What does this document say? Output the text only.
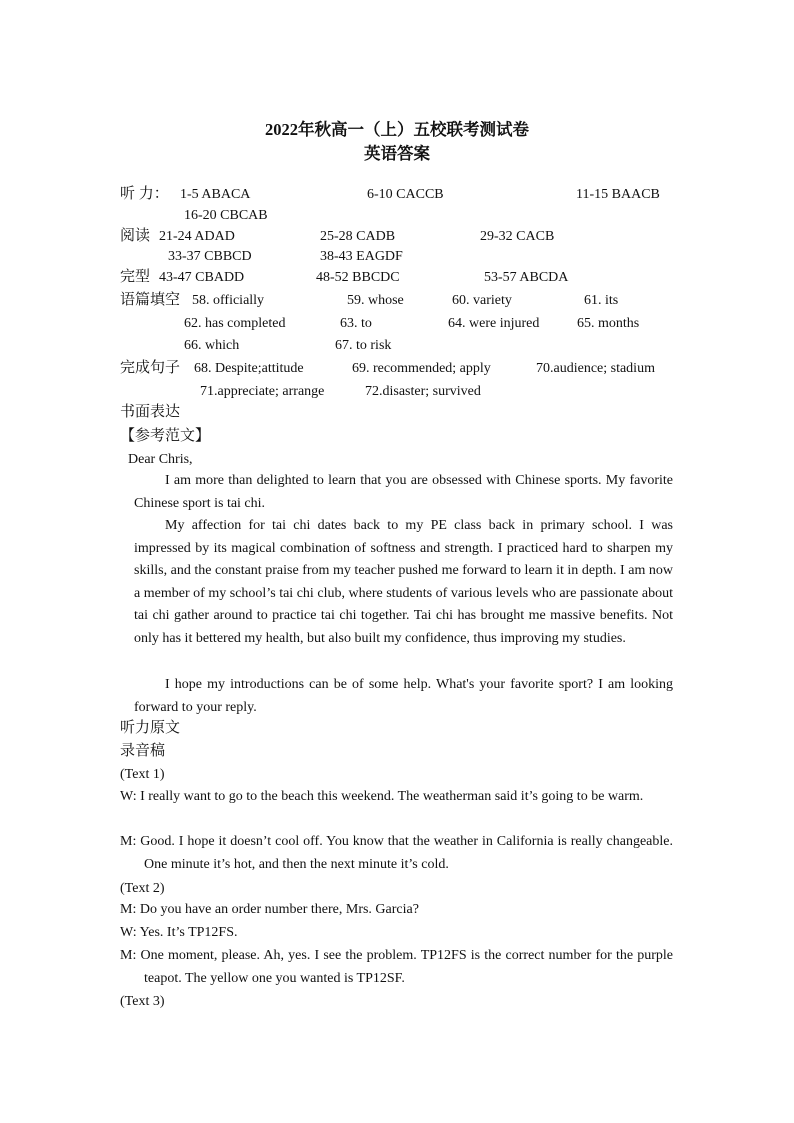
2022年秋高一（上）五校联考测试卷
英语答案
听 力： 1-5 ABACA	6-10 CACCB	11-15 BAACB
16-20 CBCAB
阅读 21-24 ADAD	25-28 CADB	29-32 CACB
33-37 CBBCD	38-43 EAGDF
完型 43-47 CBADD	48-52 BBCDC	53-57 ABCDA
语篇填空 58. officially	59. whose	60. variety	61. its
62. has completed	63. to	64. were injured	65. months
66. which	67. to risk
完成句子 68. Despite;attitude	69. recommended; apply	70.audience; stadium
71.appreciate; arrange	72.disaster; survived
书面表达
【参考范文】
Dear Chris,
I am more than delighted to learn that you are obsessed with Chinese sports. My favorite Chinese sport is tai chi.
My affection for tai chi dates back to my PE class back in primary school. I was impressed by its magical combination of softness and strength. I practiced hard to sharpen my skills, and the constant praise from my teacher pushed me forward to learn it in depth. I am now a member of my school’s tai chi club, where students of various levels who are passionate about tai chi gather around to practice tai chi together. Tai chi has brought me massive benefits. Not only has it bettered my health, but also built my confidence, thus improving my studies.
I hope my introductions can be of some help. What's your favorite sport? I am looking forward to your reply.
听力原文
录音稿
(Text 1)
W: I really want to go to the beach this weekend. The weatherman said it’s going to be warm.
M: Good. I hope it doesn’t cool off. You know that the weather in California is really changeable. One minute it’s hot, and then the next minute it’s cold.
(Text 2)
M: Do you have an order number there, Mrs. Garcia?
W: Yes. It’s TP12FS.
M: One moment, please. Ah, yes. I see the problem. TP12FS is the correct number for the purple teapot. The yellow one you wanted is TP12SF.
(Text 3)
